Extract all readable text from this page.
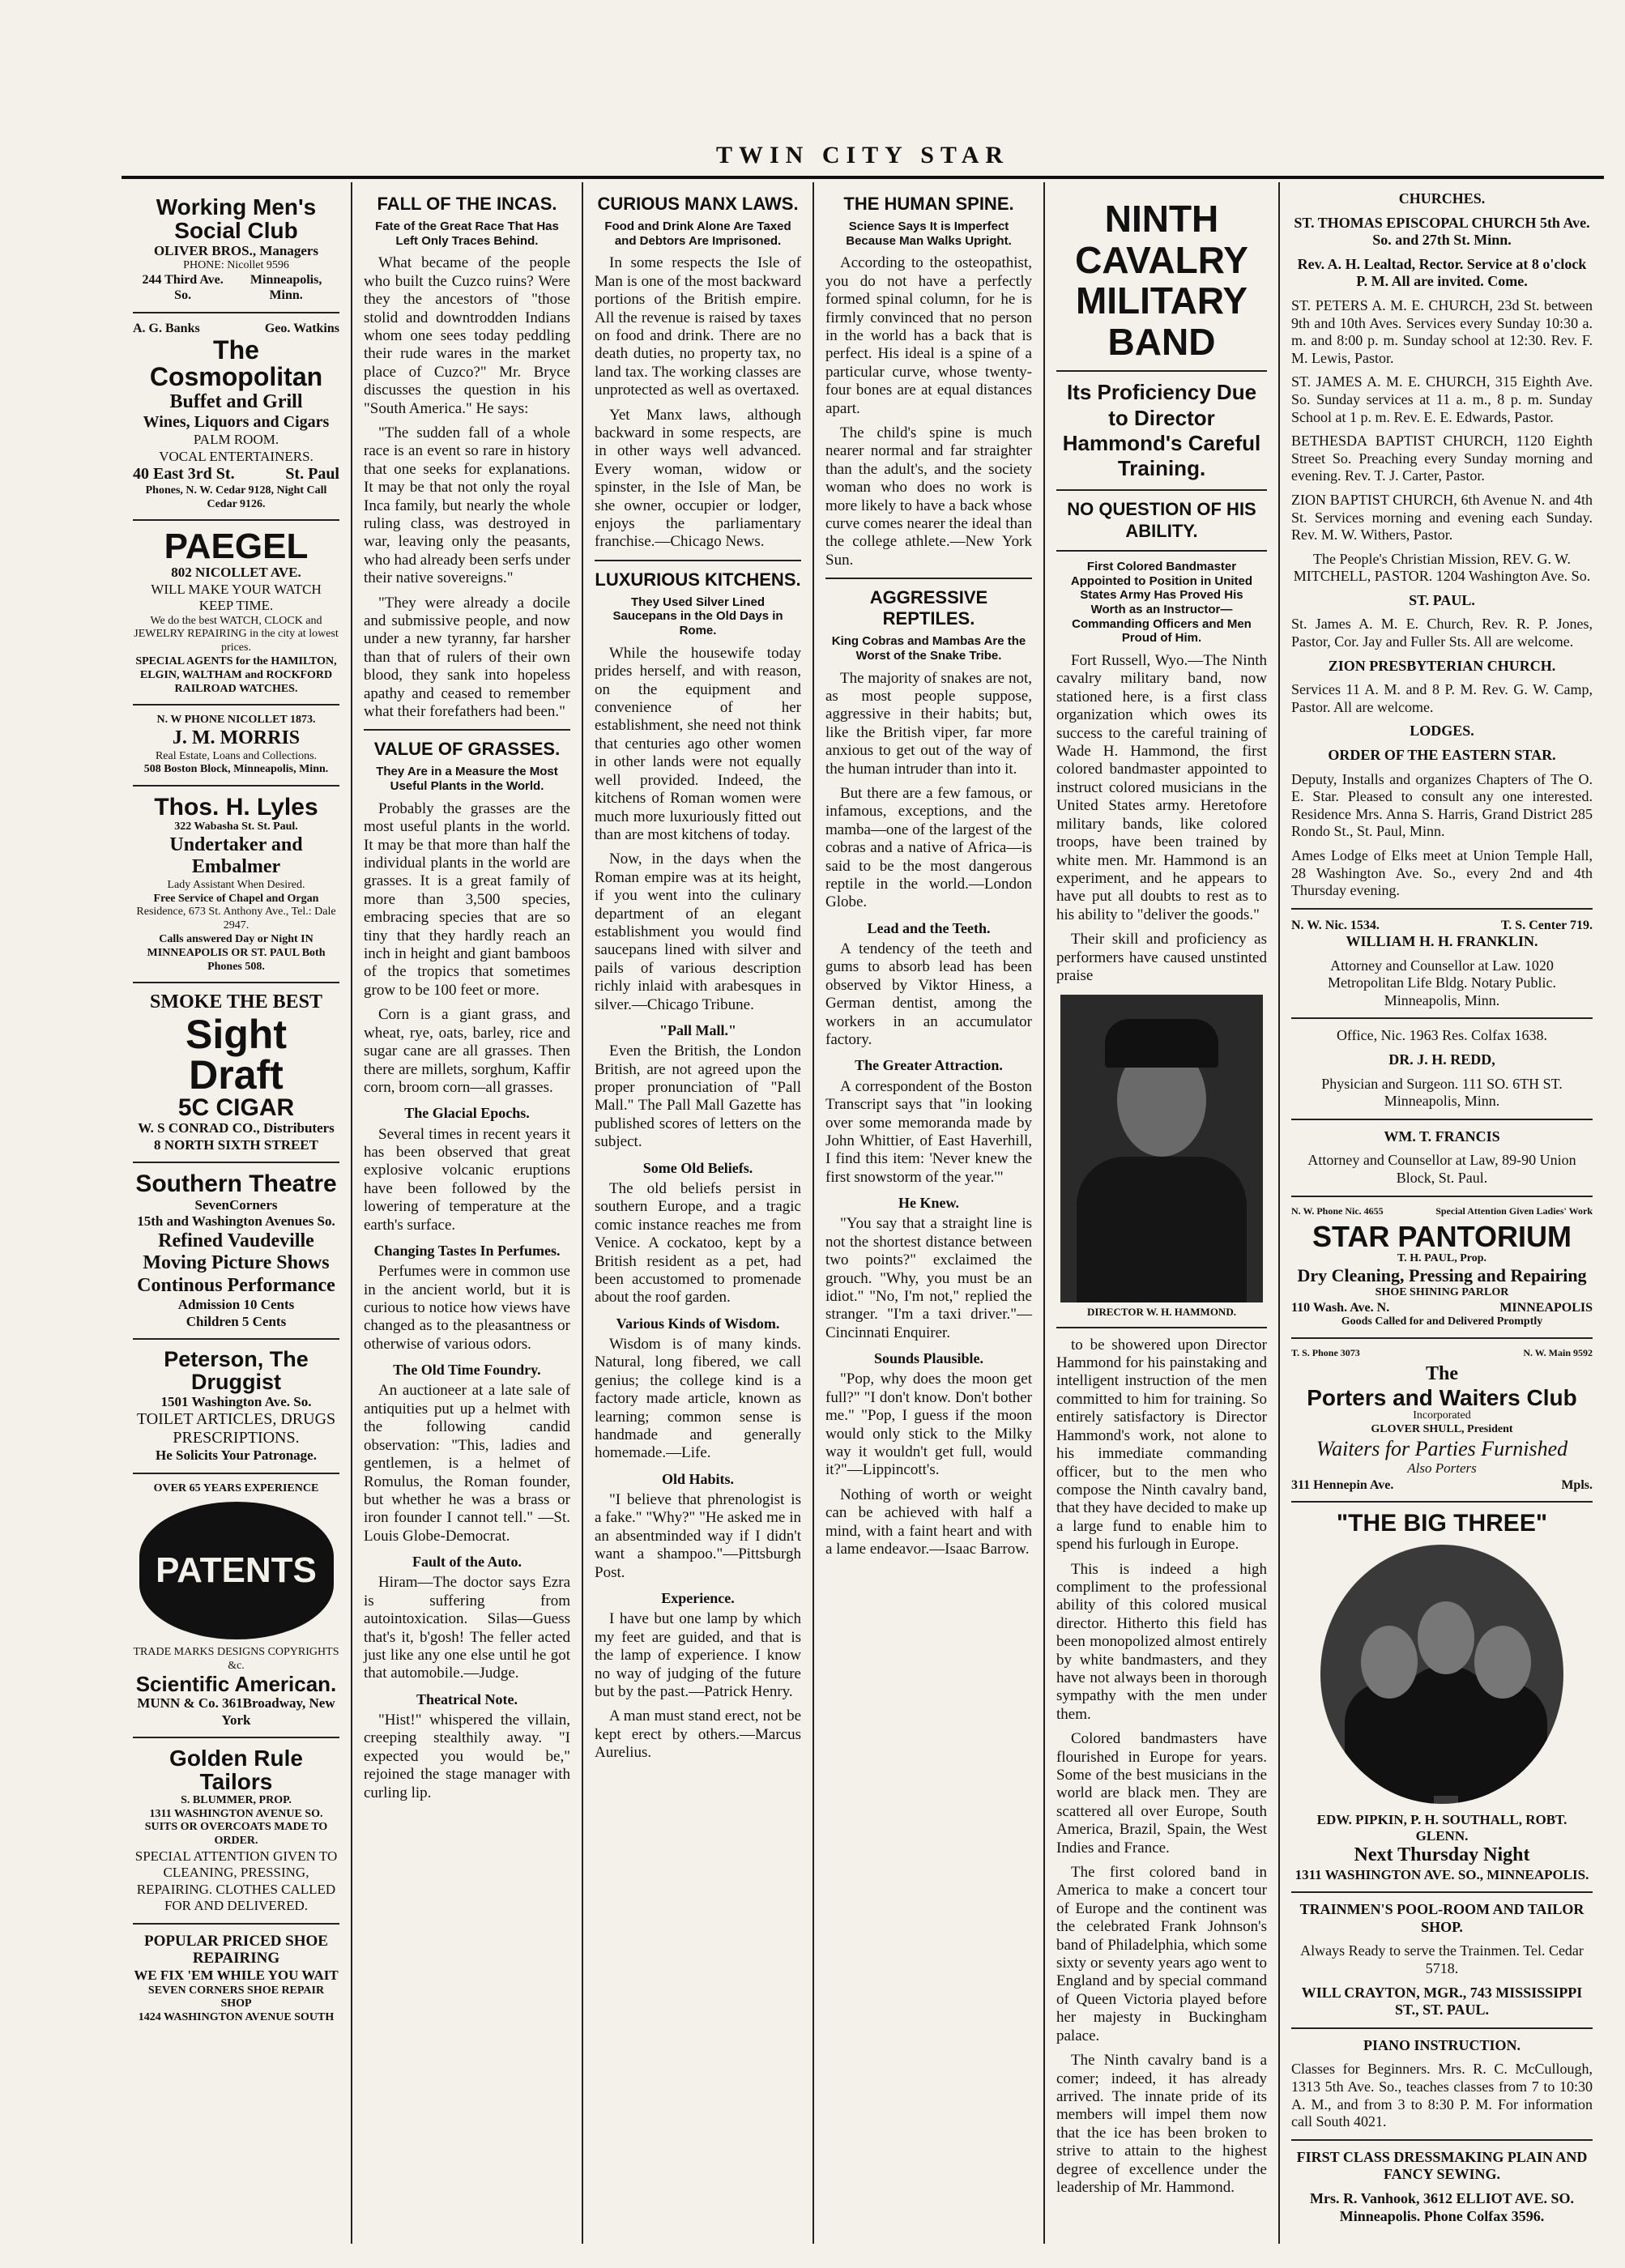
TWIN CITY STAR
Working Men's Social Club
OLIVER BROS., Managers
PHONE: Nicollet 9596
244 Third Ave. So.
Minneapolis, Minn.
A. G. Banks	Geo. Watkins
The Cosmopolitan
Buffet and Grill
Wines, Liquors and Cigars
PALM ROOM.
VOCAL ENTERTAINERS.
40 East 3rd St.	St. Paul
Phones, N. W. Cedar 9128, Night Call Cedar 9126.
PAEGEL
802 NICOLLET AVE.
WILL MAKE YOUR WATCH KEEP TIME.
We do the best WATCH, CLOCK and JEWELRY REPAIRING in the city at lowest prices.
SPECIAL AGENTS for the HAMILTON, ELGIN, WALTHAM and ROCKFORD RAILROAD WATCHES.
N. W PHONE NICOLLET 1873.
J. M. MORRIS
Real Estate, Loans and Collections.
508 Boston Block, Minneapolis, Minn.
Thos. H. Lyles
322 Wabasha St. St. Paul.
Undertaker and Embalmer
Lady Assistant When Desired.
Free Service of Chapel and Organ
Residence, 673 St. Anthony Ave., Tel.: Dale 2947.
Calls answered Day or Night IN MINNEAPOLIS OR ST. PAUL Both Phones 508.
SMOKE THE BEST
Sight Draft
5C CIGAR
W. S CONRAD CO., Distributers
8 NORTH SIXTH STREET
Southern Theatre
SevenCorners
15th and Washington Avenues So.
Refined Vaudeville
Moving Picture Shows
Continous Performance
Admission 10 Cents
Children 5 Cents
Peterson, The Druggist
1501 Washington Ave. So.
TOILET ARTICLES, DRUGS PRESCRIPTIONS.
He Solicits Your Patronage.
OVER 65 YEARS EXPERIENCE
PATENTS
TRADE MARKS DESIGNS COPYRIGHTS &c.
Scientific American.
MUNN & Co. 361Broadway, New York
Golden Rule Tailors
S. BLUMMER, PROP.
1311 WASHINGTON AVENUE SO.
SUITS OR OVERCOATS MADE TO ORDER.
SPECIAL ATTENTION GIVEN TO CLEANING, PRESSING, REPAIRING. CLOTHES CALLED FOR AND DELIVERED.
POPULAR PRICED SHOE REPAIRING
WE FIX 'EM WHILE YOU WAIT
SEVEN CORNERS SHOE REPAIR SHOP
1424 WASHINGTON AVENUE SOUTH
FALL OF THE INCAS.
Fate of the Great Race That Has Left Only Traces Behind.

What became of the people who built the Cuzco ruins? Were they the ancestors of "those stolid and downtrodden Indians whom one sees today peddling their rude wares in the market place of Cuzco?" Mr. Bryce discusses the question in his "South America." He says:

"The sudden fall of a whole race is an event so rare in history that one seeks for explanations. It may be that not only the royal Inca family, but nearly the whole ruling class, was destroyed in war, leaving only the peasants, who had already been serfs under their native sovereigns."

"They were already a docile and submissive people, and now under a new tyranny, far harsher than that of rulers of their own blood, they sank into hopeless apathy and ceased to remember what their forefathers had been."

VALUE OF GRASSES.
They Are in a Measure the Most Useful Plants in the World.

Probably the grasses are the most useful plants in the world. It may be that more than half the individual plants in the world are grasses. It is a great family of more than 3,500 species, embracing species that are so tiny that they hardly reach an inch in height and giant bamboos of the tropics that sometimes grow to be 100 feet or more.

Corn is a giant grass, and wheat, rye, oats, barley, rice and sugar cane are all grasses. Then there are millets, sorghum, Kaffir corn, broom corn—all grasses.

The Glacial Epochs.

Several times in recent years it has been observed that great explosive volcanic eruptions have been followed by the lowering of temperature at the earth's surface.

Changing Tastes In Perfumes.

Perfumes were in common use in the ancient world, but it is curious to notice how views have changed as to the pleasantness or otherwise of various odors.

The Old Time Foundry.

An auctioneer at a late sale of antiquities put up a helmet with the following candid observation: "This, ladies and gentlemen, is a helmet of Romulus, the Roman founder, but whether he was a brass or iron founder I cannot tell." —St. Louis Globe-Democrat.

Fault of the Auto.

Hiram—The doctor says Ezra is suffering from autointoxication. Silas—Guess that's it, b'gosh! The feller acted just like any one else until he got that automobile.—Judge.

Theatrical Note.

"Hist!" whispered the villain, creeping stealthily away. "I expected you would be," rejoined the stage manager with curling lip.

CURIOUS MANX LAWS.
Food and Drink Alone Are Taxed and Debtors Are Imprisoned.

In some respects the Isle of Man is one of the most backward portions of the British empire. All the revenue is raised by taxes on food and drink. There are no death duties, no property tax, no land tax. The working classes are unprotected as well as overtaxed.

Yet Manx laws, although backward in some respects, are in other ways well advanced. Every woman, widow or spinster, in the Isle of Man, be she owner, occupier or lodger, enjoys the parliamentary franchise.—Chicago News.

LUXURIOUS KITCHENS.
They Used Silver Lined Saucepans in the Old Days in Rome.

While the housewife today prides herself, and with reason, on the equipment and convenience of her establishment, she need not think that centuries ago other women in other lands were not equally well provided. Indeed, the kitchens of Roman women were much more luxuriously fitted out than are most kitchens of today.

Now, in the days when the Roman empire was at its height, if you went into the culinary department of an elegant establishment you would find saucepans lined with silver and pails of various description richly inlaid with arabesques in silver.—Chicago Tribune.

"Pall Mall."

Even the British, the London British, are not agreed upon the proper pronunciation of "Pall Mall." The Pall Mall Gazette has published scores of letters on the subject.

Some Old Beliefs.

The old beliefs persist in southern Europe, and a tragic comic instance reaches me from Venice. A cockatoo, kept by a British resident as a pet, had been accustomed to promenade about the roof garden.

Various Kinds of Wisdom.

Wisdom is of many kinds. Natural, long fibered, we call genius; the college kind is a factory made article, known as learning; common sense is handmade and generally homemade.—Life.

Old Habits.

"I believe that phrenologist is a fake." "Why?" "He asked me in an absentminded way if I didn't want a shampoo."—Pittsburgh Post.

Experience.

I have but one lamp by which my feet are guided, and that is the lamp of experience. I know no way of judging of the future but by the past.—Patrick Henry.

A man must stand erect, not be kept erect by others.—Marcus Aurelius.

THE HUMAN SPINE.
Science Says It is Imperfect Because Man Walks Upright.

According to the osteopathist, you do not have a perfectly formed spinal column, for he is firmly convinced that no person in the world has a back that is perfect. His ideal is a spine of a particular curve, whose twenty-four bones are at equal distances apart.

The child's spine is much nearer normal and far straighter than the adult's, and the society woman who does no work is more likely to have a back whose curve comes nearer the ideal than the college athlete.—New York Sun.

AGGRESSIVE REPTILES.
King Cobras and Mambas Are the Worst of the Snake Tribe.

The majority of snakes are not, as most people suppose, aggressive in their habits; but, like the British viper, far more anxious to get out of the way of the human intruder than into it.

But there are a few famous, or infamous, exceptions, and the mamba—one of the largest of the cobras and a native of Africa—is said to be the most dangerous reptile in the world.—London Globe.

Lead and the Teeth.

A tendency of the teeth and gums to absorb lead has been observed by Viktor Hiness, a German dentist, among the workers in an accumulator factory.

The Greater Attraction.

A correspondent of the Boston Transcript says that "in looking over some memoranda made by John Whittier, of East Haverhill, I find this item: 'Never knew the first snowstorm of the year.'"

He Knew.

"You say that a straight line is not the shortest distance between two points?" exclaimed the grouch. "Why, you must be an idiot." "No, I'm not," replied the stranger. "I'm a taxi driver."—Cincinnati Enquirer.

Sounds Plausible.

"Pop, why does the moon get full?" "I don't know. Don't bother me." "Pop, I guess if the moon would only stick to the Milky way it wouldn't get full, would it?"—Lippincott's.

Nothing of worth or weight can be achieved with half a mind, with a faint heart and with a lame endeavor.—Isaac Barrow.

NINTH CAVALRY MILITARY BAND
Its Proficiency Due to Director Hammond's Careful Training.
NO QUESTION OF HIS ABILITY.
First Colored Bandmaster Appointed to Position in United States Army Has Proved His Worth as an Instructor—Commanding Officers and Men Proud of Him.

Fort Russell, Wyo.—The Ninth cavalry military band, now stationed here, is a first class organization which owes its success to the careful training of Wade H. Hammond, the first colored bandmaster appointed to instruct colored musicians in the United States army. Heretofore military bands, like colored troops, have been trained by white men. Mr. Hammond is an experiment, and he appears to have put all doubts to rest as to his ability to "deliver the goods."

Their skill and proficiency as performers have caused unstinted praise

DIRECTOR W. H. HAMMOND.

to be showered upon Director Hammond for his painstaking and intelligent instruction of the men committed to him for training. So entirely satisfactory is Director Hammond's work, not alone to his immediate commanding officer, but to the men who compose the Ninth cavalry band, that they have decided to make up a large fund to enable him to spend his furlough in Europe.

This is indeed a high compliment to the professional ability of this colored musical director. Hitherto this field has been monopolized almost entirely by white bandmasters, and they have not always been in thorough sympathy with the men under them.

Colored bandmasters have flourished in Europe for years. Some of the best musicians in the world are black men. They are scattered all over Europe, South America, Brazil, Spain, the West Indies and France.

The first colored band in America to make a concert tour of Europe and the continent was the celebrated Frank Johnson's band of Philadelphia, which some sixty or seventy years ago went to England and by special command of Queen Victoria played before her majesty in Buckingham palace.

The Ninth cavalry band is a comer; indeed, it has already arrived. The innate pride of its members will impel them now that the ice has been broken to strive to attain to the highest degree of excellence under the leadership of Mr. Hammond.

CHURCHES.

ST. THOMAS EPISCOPAL CHURCH 5th Ave. So. and 27th St. Minn.

Rev. A. H. Lealtad, Rector. Service at 8 o'clock P. M. All are invited. Come.

ST. PETERS A. M. E. CHURCH, 23d St. between 9th and 10th Aves. Services every Sunday 10:30 a. m. and 8:00 p. m. Sunday school at 12:30. Rev. F. M. Lewis, Pastor.

ST. JAMES A. M. E. CHURCH, 315 Eighth Ave. So. Sunday services at 11 a. m., 8 p. m. Sunday School at 1 p. m. Rev. E. E. Edwards, Pastor.

BETHESDA BAPTIST CHURCH, 1120 Eighth Street So. Preaching every Sunday morning and evening. Rev. T. J. Carter, Pastor.

ZION BAPTIST CHURCH, 6th Avenue N. and 4th St. Services morning and evening each Sunday. Rev. M. W. Withers, Pastor.

The People's Christian Mission, REV. G. W. MITCHELL, PASTOR. 1204 Washington Ave. So.

ST. PAUL.

St. James A. M. E. Church, Rev. R. P. Jones, Pastor, Cor. Jay and Fuller Sts. All are welcome.

ZION PRESBYTERIAN CHURCH.

Services 11 A. M. and 8 P. M. Rev. G. W. Camp, Pastor. All are welcome.

LODGES.

ORDER OF THE EASTERN STAR.

Deputy, Installs and organizes Chapters of The O. E. Star. Pleased to consult any one interested. Residence Mrs. Anna S. Harris, Grand District 285 Rondo St., St. Paul, Minn.

Ames Lodge of Elks meet at Union Temple Hall, 28 Washington Ave. So., every 2nd and 4th Thursday evening.

N. W. Nic. 1534.	T. S. Center 719.

WILLIAM H. H. FRANKLIN.

Attorney and Counsellor at Law. 1020 Metropolitan Life Bldg. Notary Public. Minneapolis, Minn.

Office, Nic. 1963 Res. Colfax 1638.

DR. J. H. REDD,

Physician and Surgeon. 111 SO. 6TH ST. Minneapolis, Minn.

WM. T. FRANCIS

Attorney and Counsellor at Law, 89-90 Union Block, St. Paul.

N. W. Phone Nic. 4655	Special Attention Given Ladies' Work
STAR PANTORIUM
T. H. PAUL, Prop.
Dry Cleaning, Pressing and Repairing
SHOE SHINING PARLOR
110 Wash. Ave. N.	MINNEAPOLIS
Goods Called for and Delivered Promptly
T. S. Phone 3073	N. W. Main 9592
The
Porters and Waiters Club
Incorporated
GLOVER SHULL, President
Waiters for Parties Furnished
Also Porters
311 Hennepin Ave.	Mpls.
"THE BIG THREE"
EDW. PIPKIN, P. H. SOUTHALL, ROBT. GLENN.
Next Thursday Night
1311 WASHINGTON AVE. SO., MINNEAPOLIS.

TRAINMEN'S POOL-ROOM AND TAILOR SHOP.

Always Ready to serve the Trainmen. Tel. Cedar 5718.

WILL CRAYTON, MGR., 743 MISSISSIPPI ST., ST. PAUL.

PIANO INSTRUCTION.

Classes for Beginners. Mrs. R. C. McCullough, 1313 5th Ave. So., teaches classes from 7 to 10:30 A. M., and from 3 to 8:30 P. M. For information call South 4021.

FIRST CLASS DRESSMAKING PLAIN AND FANCY SEWING.

Mrs. R. Vanhook, 3612 ELLIOT AVE. SO. Minneapolis. Phone Colfax 3596.
